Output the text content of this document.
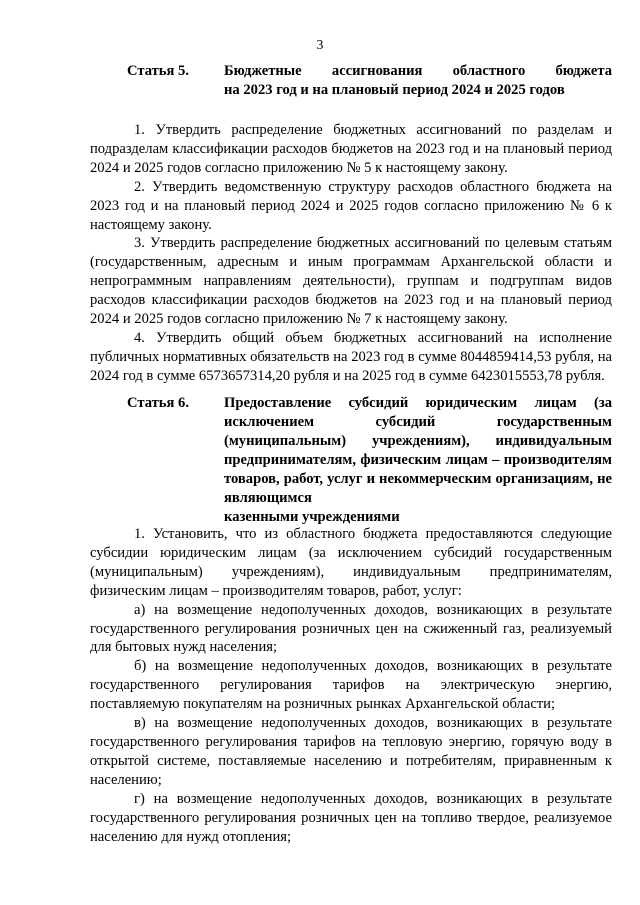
3
Статья 5. Бюджетные ассигнования областного бюджета
на 2023 год и на плановый период 2024 и 2025 годов

1. Утвердить распределение бюджетных ассигнований по разделам и подразделам классификации расходов бюджетов на 2023 год и на плановый период 2024 и 2025 годов согласно приложению № 5 к настоящему закону.

2. Утвердить ведомственную структуру расходов областного бюджета на 2023 год и на плановый период 2024 и 2025 годов согласно приложению № 6 к настоящему закону.

3. Утвердить распределение бюджетных ассигнований по целевым статьям (государственным, адресным и иным программам Архангельской области и непрограммным направлениям деятельности), группам и подгруппам видов расходов классификации расходов бюджетов на 2023 год и на плановый период 2024 и 2025 годов согласно приложению № 7 к настоящему закону.

4. Утвердить общий объем бюджетных ассигнований на исполнение публичных нормативных обязательств на 2023 год в сумме 8044859414,53 рубля, на 2024 год в сумме 6573657314,20 рубля и на 2025 год в сумме 6423015553,78 рубля.

Статья 6. Предоставление субсидий юридическим лицам (за исключением субсидий государственным (муниципальным) учреждениям), индивидуальным предпринимателям, физическим лицам – производителям товаров, работ, услуг и некоммерческим организациям, не являющимся
казенными учреждениями

1. Установить, что из областного бюджета предоставляются следующие субсидии юридическим лицам (за исключением субсидий государственным (муниципальным) учреждениям), индивидуальным предпринимателям, физическим лицам – производителям товаров, работ, услуг:

а) на возмещение недополученных доходов, возникающих в результате государственного регулирования розничных цен на сжиженный газ, реализуемый для бытовых нужд населения;

б) на возмещение недополученных доходов, возникающих в результате государственного регулирования тарифов на электрическую энергию, поставляемую покупателям на розничных рынках Архангельской области;

в) на возмещение недополученных доходов, возникающих в результате государственного регулирования тарифов на тепловую энергию, горячую воду в открытой системе, поставляемые населению и потребителям, приравненным к населению;

г) на возмещение недополученных доходов, возникающих в результате государственного регулирования розничных цен на топливо твердое, реализуемое населению для нужд отопления;
